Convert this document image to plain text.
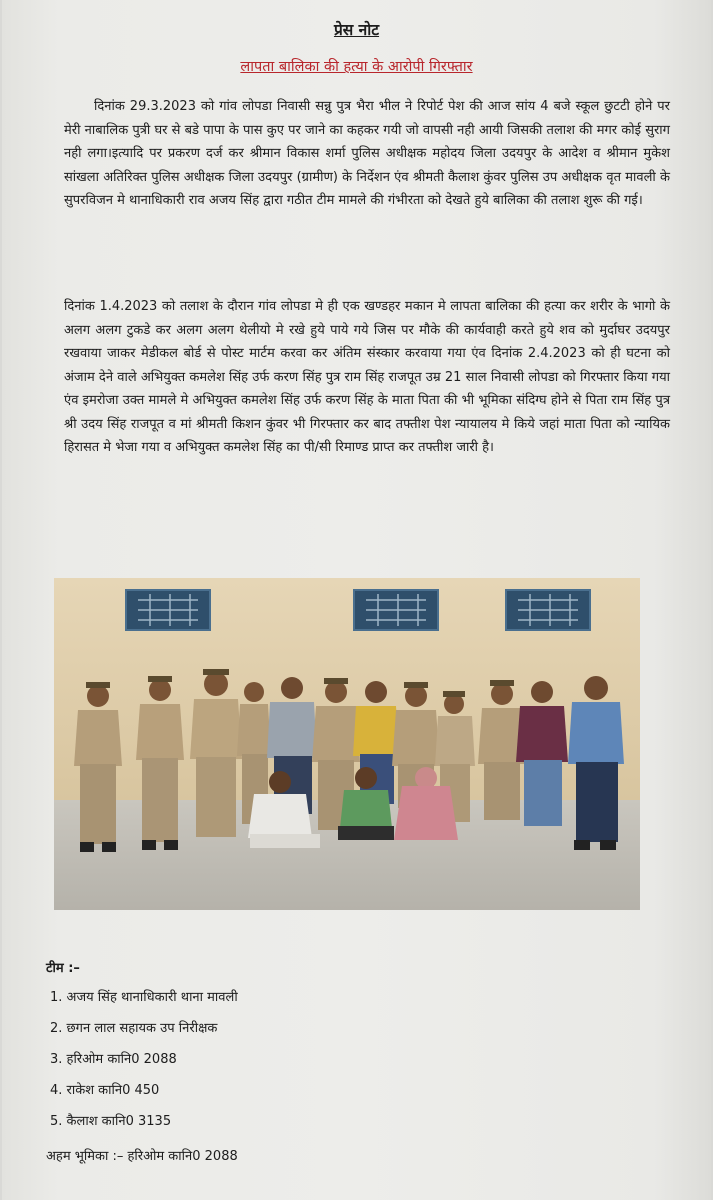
प्रेस नोट
लापता बालिका की हत्या के आरोपी गिरफ्तार

दिनांक 29.3.2023 को गांव लोपडा निवासी सन्नु पुत्र भैरा भील ने रिपोर्ट पेश की आज सांय 4 बजे स्कूल छुटटी होने पर मेरी नाबालिक पुत्री घर से बडे पापा के पास कुए पर जाने का कहकर गयी जो वापसी नही आयी जिसकी तलाश की मगर कोई सुराग नही लगा।इत्यादि पर प्रकरण दर्ज कर श्रीमान विकास शर्मा पुलिस अधीक्षक महोदय जिला उदयपुर के आदेश व श्रीमान मुकेश सांखला अतिरिक्त पुलिस अधीक्षक जिला उदयपुर (ग्रामीण) के निर्देशन एंव श्रीमती कैलाश कुंवर पुलिस उप अधीक्षक वृत मावली के सुपरविजन मे थानाधिकारी राव अजय सिंह द्वारा गठीत टीम मामले की गंभीरता को देखते हुये बालिका की तलाश शुरू की गई।

दिनांक 1.4.2023 को तलाश के दौरान गांव लोपडा मे ही एक खण्डहर मकान मे लापता बालिका की हत्या कर शरीर के भागो के अलग अलग टुकडे कर अलग अलग थेलीयो मे रखे हुये पाये गये जिस पर मौके की कार्यवाही करते हुये शव को मुर्दाघर उदयपुर रखवाया जाकर मेडीकल बोर्ड से पोस्ट मार्टम करवा कर अंतिम संस्कार करवाया गया एंव दिनांक 2.4.2023 को ही घटना को अंजाम देने वाले अभियुक्त कमलेश सिंह उर्फ करण सिंह पुत्र राम सिंह राजपूत उम्र 21 साल निवासी लोपडा को गिरफ्तार किया गया एंव इमरोजा उक्त मामले मे अभियुक्त कमलेश सिंह उर्फ करण सिंह के माता पिता की भी भूमिका संदिग्घ होने से पिता राम सिंह पुत्र श्री उदय सिंह राजपूत व मां श्रीमती किशन कुंवर भी गिरफ्तार कर बाद तफ्तीश पेश न्यायालय मे किये जहां माता पिता को न्यायिक हिरासत मे भेजा गया व अभियुक्त कमलेश सिंह का पी/सी रिमाण्ड प्राप्त कर तफ्तीश जारी है।

टीम :–
1. अजय सिंह थानाधिकारी थाना मावली
2. छगन लाल सहायक उप निरीक्षक
3. हरिओम कानि0 2088
4. राकेश कानि0 450
5. कैलाश कानि0 3135
अहम भूमिका :– हरिओम कानि0 2088
